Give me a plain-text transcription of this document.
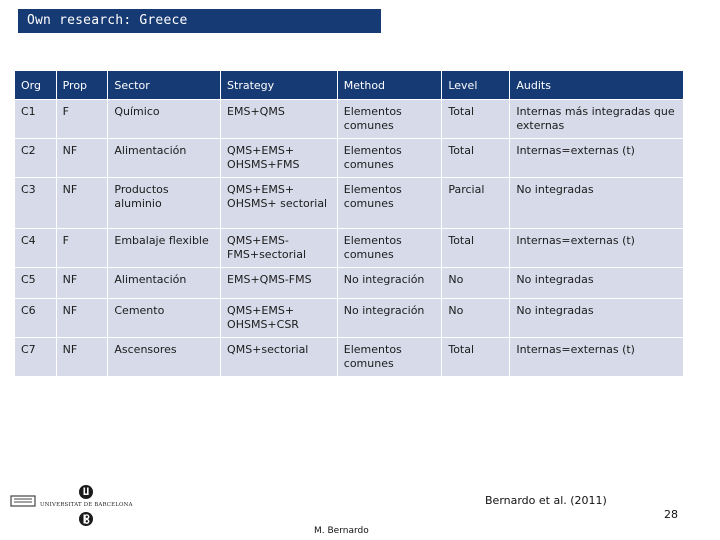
Own research: Greece
Org	Prop	Sector	Strategy	Method	Level	Audits
C1	F	Químico	EMS+QMS	Elementos comunes	Total	Internas más integradas que externas
C2	NF	Alimentación	QMS+EMS+ OHSMS+FMS	Elementos comunes	Total	Internas=externas (t)
C3	NF	Productos aluminio	QMS+EMS+ OHSMS+ sectorial	Elementos comunes	Parcial	No integradas
C4	F	Embalaje flexible	QMS+EMS-FMS+sectorial	Elementos comunes	Total	Internas=externas (t)
C5	NF	Alimentación	EMS+QMS-FMS	No integración	No	No integradas
C6	NF	Cemento	QMS+EMS+ OHSMS+CSR	No integración	No	No integradas
C7	NF	Ascensores	QMS+sectorial	Elementos comunes	Total	Internas=externas (t)
UNIVERSITAT DE BARCELONA	Bernardo et al. (2011)
28
M. Bernardo
